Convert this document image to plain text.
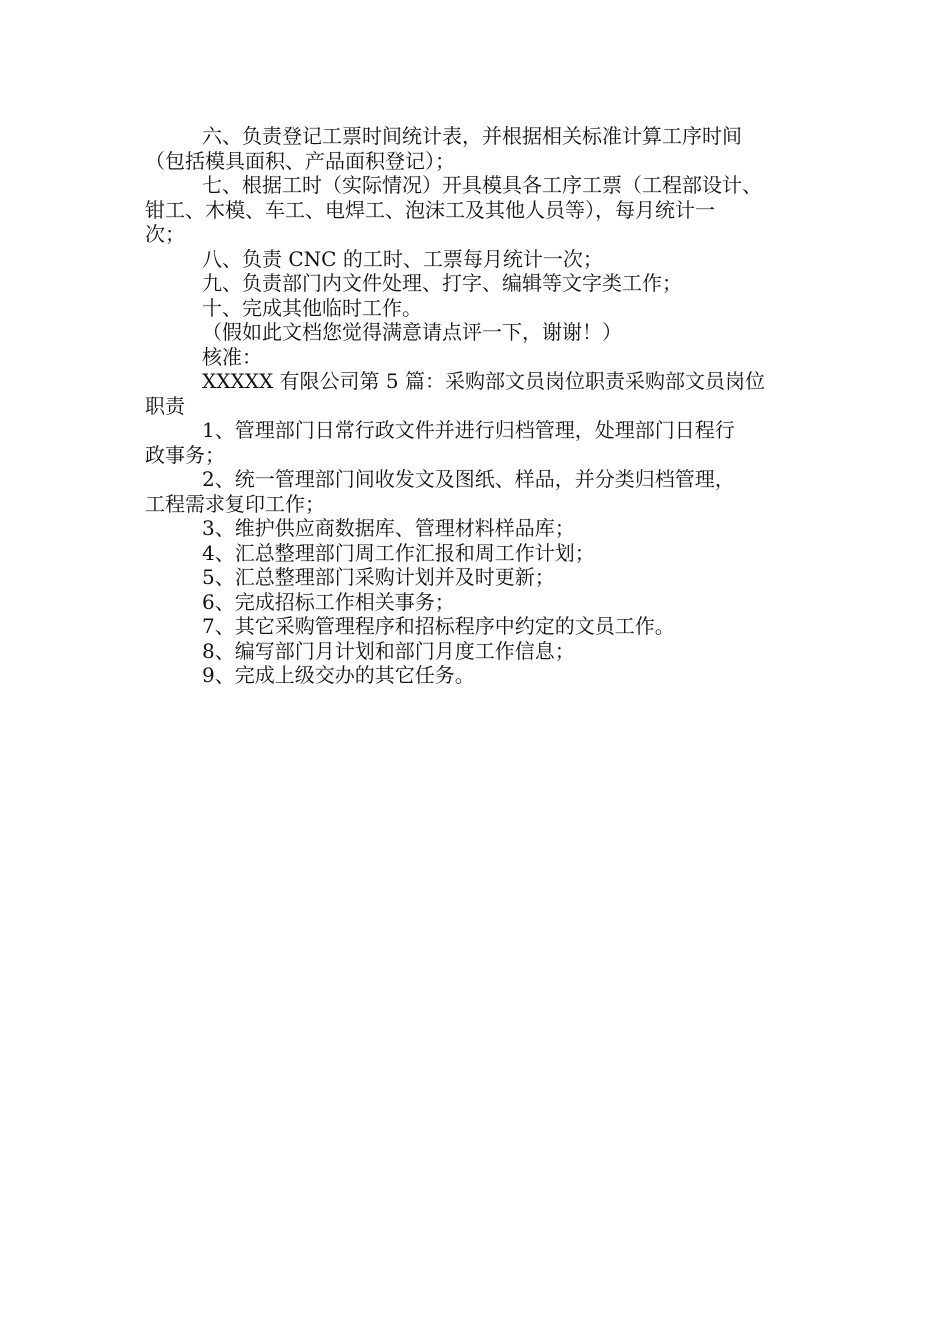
六、负责登记工票时间统计表，并根据相关标准计算工序时间
（包括模具面积、产品面积登记）；
七、根据工时（实际情况）开具模具各工序工票（工程部设计、
钳工、木模、车工、电焊工、泡沫工及其他人员等），每月统计一
次；
八、负责 CNC 的工时、工票每月统计一次；
九、负责部门内文件处理、打字、编辑等文字类工作；
十、完成其他临时工作。
（假如此文档您觉得满意请点评一下，谢谢！）
核准：
XXXXX 有限公司第 5 篇：采购部文员岗位职责采购部文员岗位
职责
1、管理部门日常行政文件并进行归档管理，处理部门日程行
政事务；
2、统一管理部门间收发文及图纸、样品，并分类归档管理，
工程需求复印工作；
3、维护供应商数据库、管理材料样品库；
4、汇总整理部门周工作汇报和周工作计划；
5、汇总整理部门采购计划并及时更新；
6、完成招标工作相关事务；
7、其它采购管理程序和招标程序中约定的文员工作。
8、编写部门月计划和部门月度工作信息；
9、完成上级交办的其它任务。
